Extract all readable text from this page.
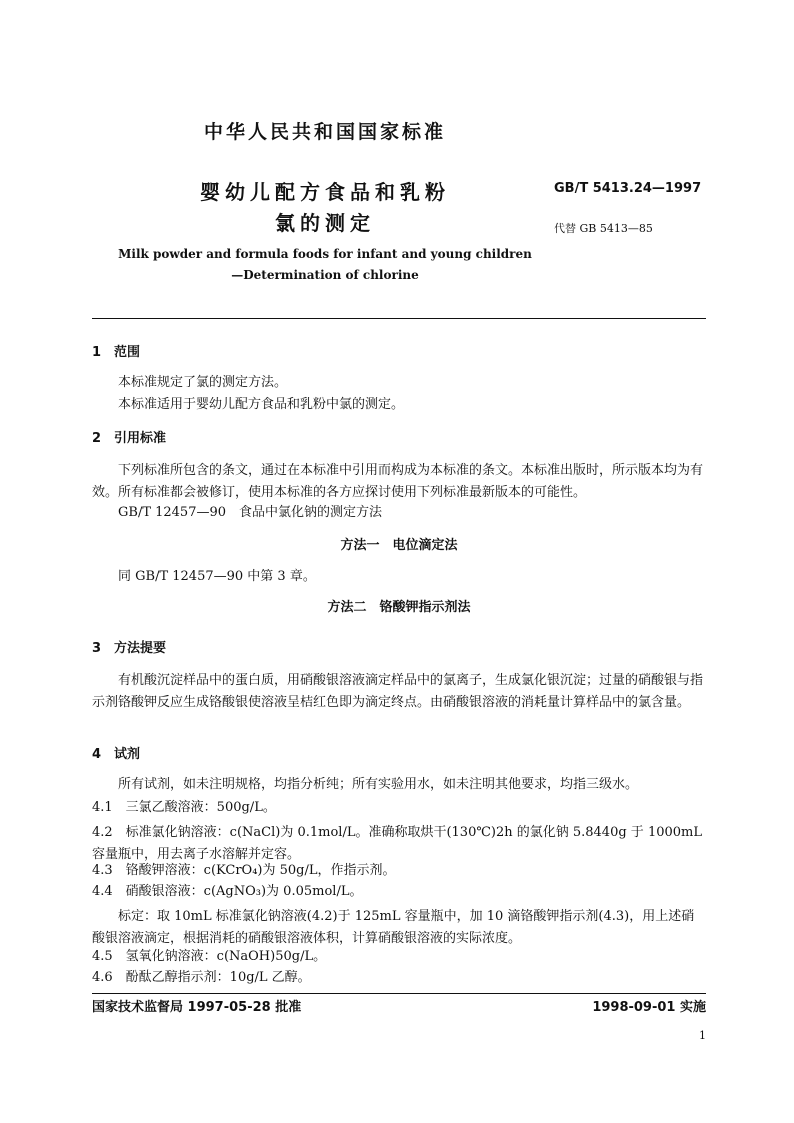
中华人民共和国国家标准
婴幼儿配方食品和乳粉
氯的测定
GB/T 5413.24—1997
代替 GB 5413—85
Milk powder and formula foods for infant and young children
—Determination of chlorine
1　范围
本标准规定了氯的测定方法。
本标准适用于婴幼儿配方食品和乳粉中氯的测定。
2　引用标准
下列标准所包含的条文，通过在本标准中引用而构成为本标准的条文。本标准出版时，所示版本均为有效。所有标准都会被修订，使用本标准的各方应探讨使用下列标准最新版本的可能性。
GB/T 12457—90　食品中氯化钠的测定方法
方法一　电位滴定法
同 GB/T 12457—90 中第 3 章。
方法二　铬酸钾指示剂法
3　方法提要
有机酸沉淀样品中的蛋白质，用硝酸银溶液滴定样品中的氯离子，生成氯化银沉淀；过量的硝酸银与指示剂铬酸钾反应生成铬酸银使溶液呈桔红色即为滴定终点。由硝酸银溶液的消耗量计算样品中的氯含量。
4　试剂
所有试剂，如未注明规格，均指分析纯；所有实验用水，如未注明其他要求，均指三级水。
4.1　三氯乙酸溶液：500g/L。
4.2　标准氯化钠溶液：c(NaCl)为 0.1mol/L。准确称取烘干(130℃)2h 的氯化钠 5.8440g 于 1000mL 容量瓶中，用去离子水溶解并定容。
4.3　铬酸钾溶液：c(KCrO₄)为 50g/L，作指示剂。
4.4　硝酸银溶液：c(AgNO₃)为 0.05mol/L。
标定：取 10mL 标准氯化钠溶液(4.2)于 125mL 容量瓶中，加 10 滴铬酸钾指示剂(4.3)，用上述硝酸银溶液滴定，根据消耗的硝酸银溶液体积，计算硝酸银溶液的实际浓度。
4.5　氢氧化钠溶液：c(NaOH)50g/L。
4.6　酚酞乙醇指示剂：10g/L 乙醇。
国家技术监督局 1997-05-28 批准	1998-09-01 实施
1
